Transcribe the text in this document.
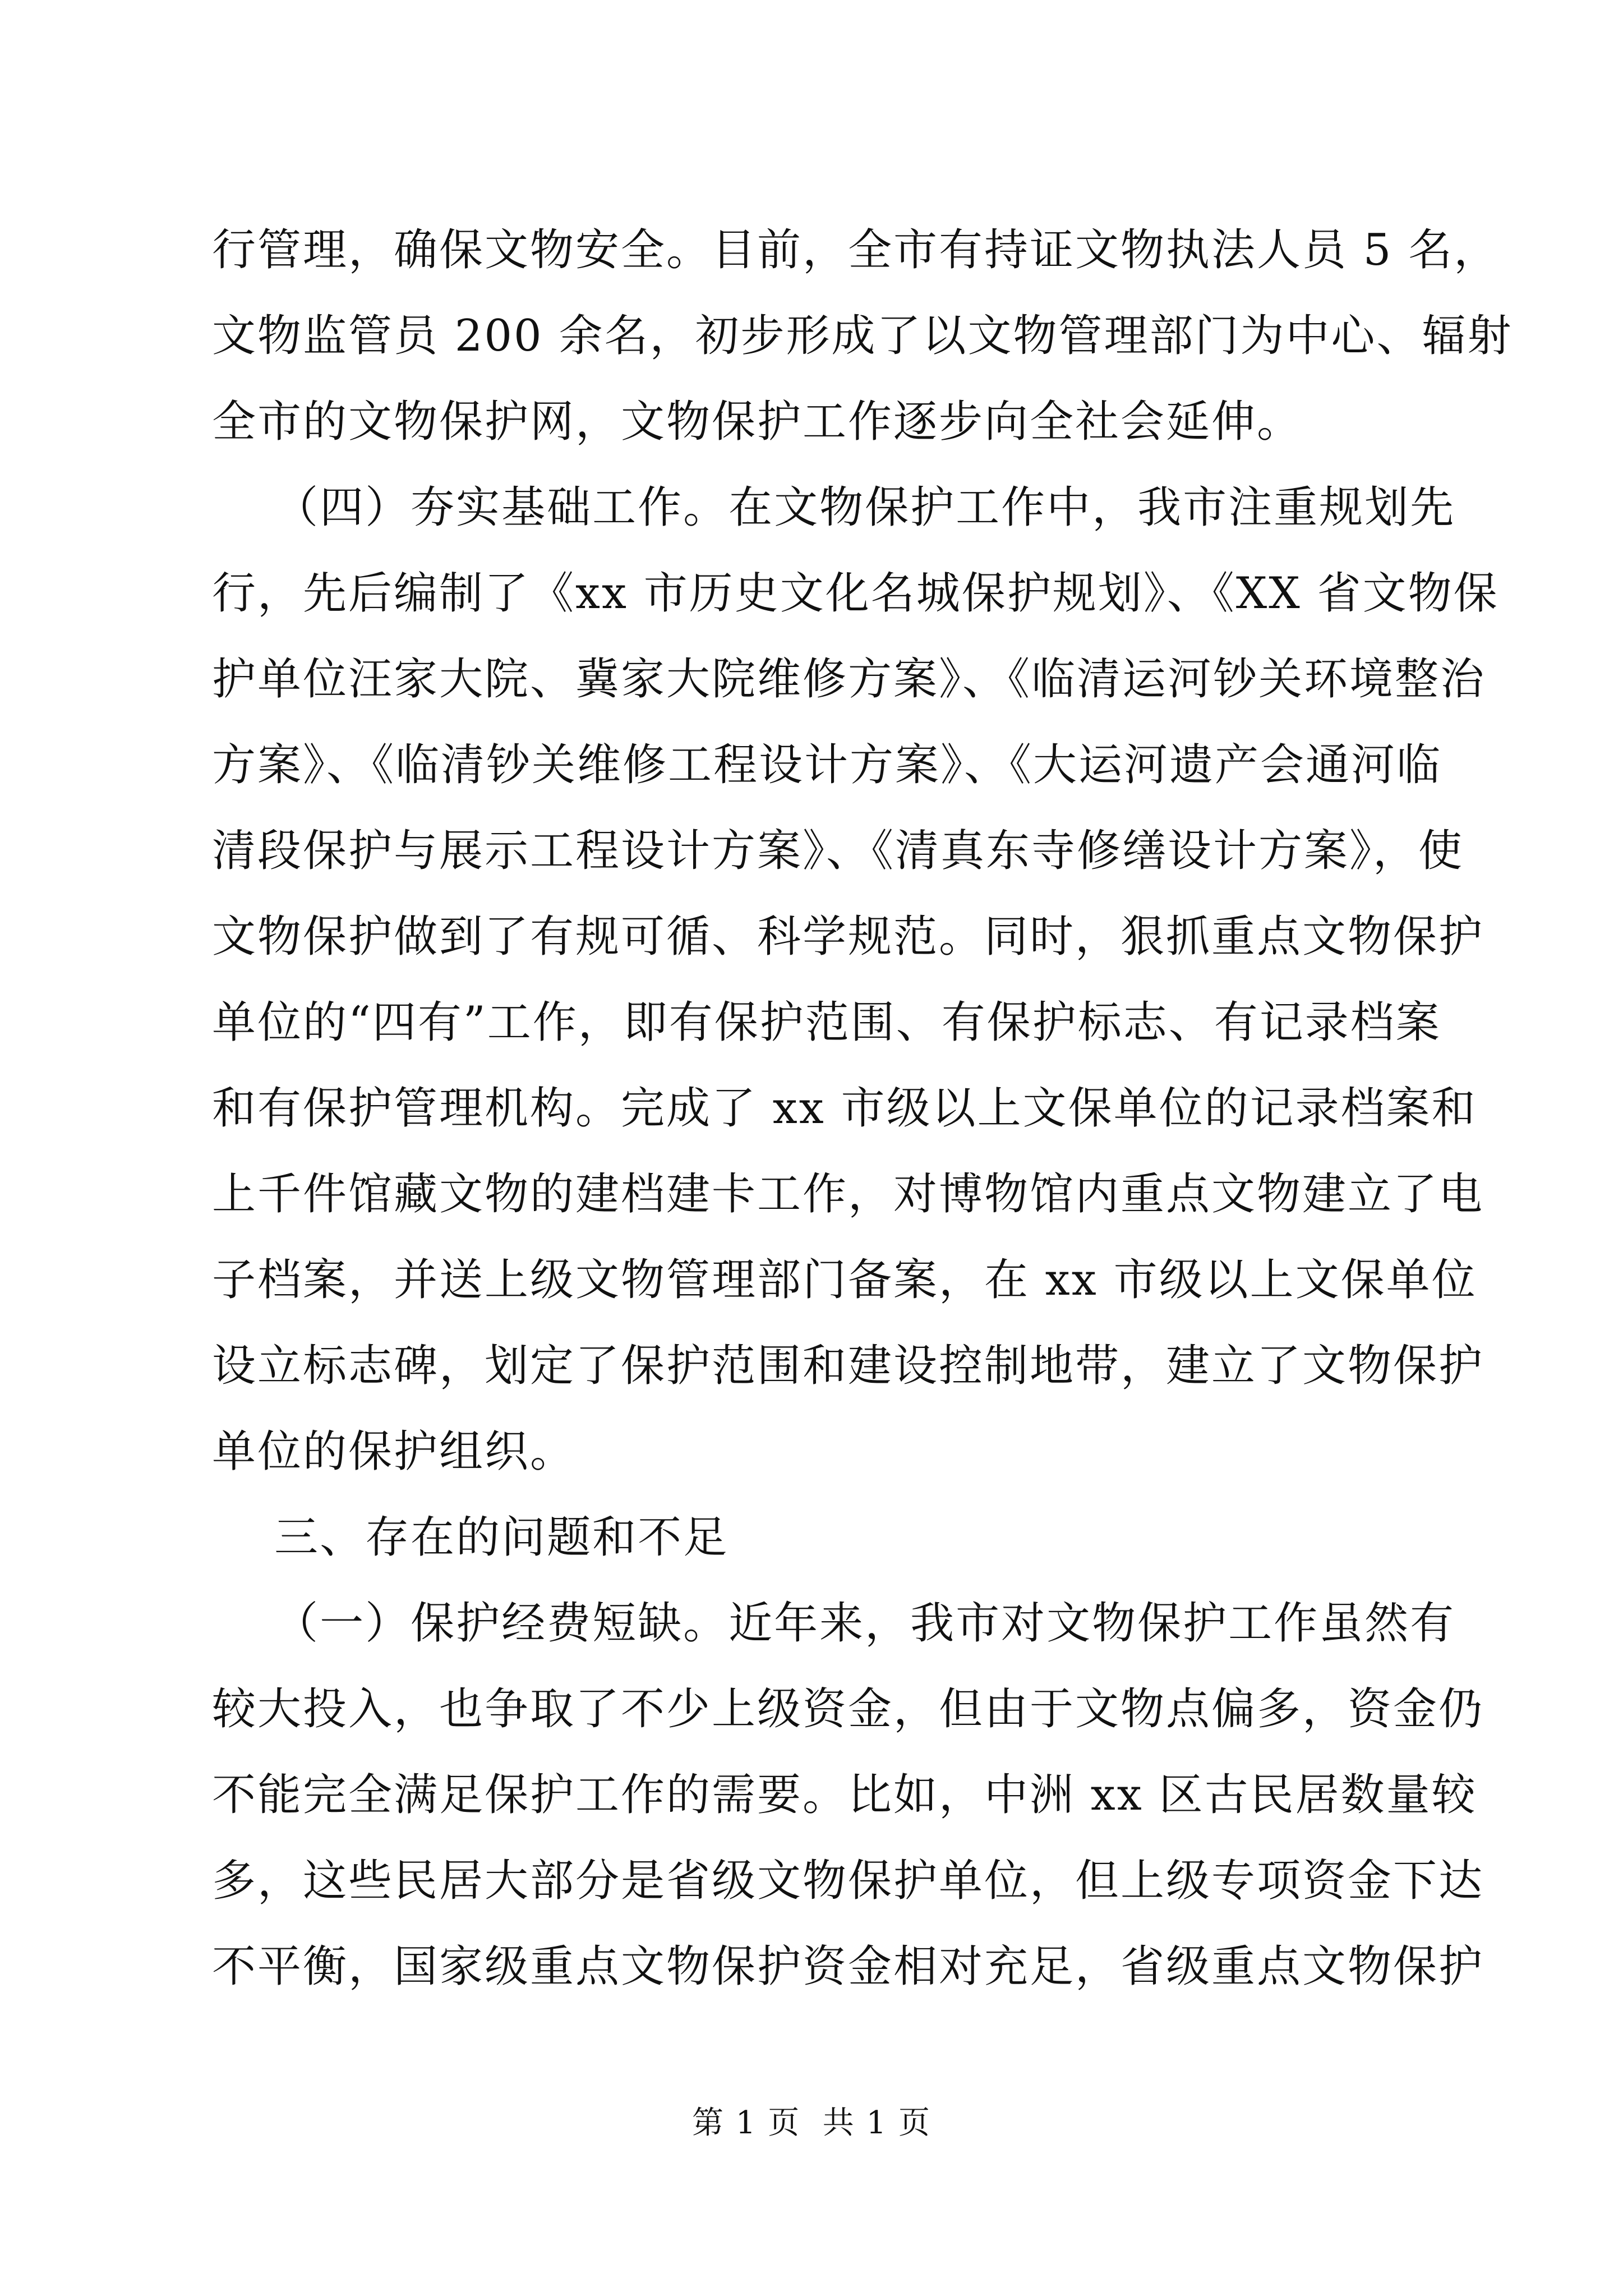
行管理，确保文物安全。目前，全市有持证文物执法人员 5 名，
文物监管员 200 余名，初步形成了以文物管理部门为中心、辐射
全市的文物保护网，文物保护工作逐步向全社会延伸。
（四）夯实基础工作。在文物保护工作中，我市注重规划先
行，先后编制了《xx 市历史文化名城保护规划》、《XX 省文物保
护单位汪家大院、冀家大院维修方案》、《临清运河钞关环境整治
方案》、《临清钞关维修工程设计方案》、《大运河遗产会通河临
清段保护与展示工程设计方案》、《清真东寺修缮设计方案》，使
文物保护做到了有规可循、科学规范。同时，狠抓重点文物保护
单位的“四有”工作，即有保护范围、有保护标志、有记录档案
和有保护管理机构。完成了 xx 市级以上文保单位的记录档案和
上千件馆藏文物的建档建卡工作，对博物馆内重点文物建立了电
子档案，并送上级文物管理部门备案，在 xx 市级以上文保单位
设立标志碑，划定了保护范围和建设控制地带，建立了文物保护
单位的保护组织。
三、存在的问题和不足
（一）保护经费短缺。近年来，我市对文物保护工作虽然有
较大投入，也争取了不少上级资金，但由于文物点偏多，资金仍
不能完全满足保护工作的需要。比如，中洲 xx 区古民居数量较
多，这些民居大部分是省级文物保护单位，但上级专项资金下达
不平衡，国家级重点文物保护资金相对充足，省级重点文物保护
第 1 页  共 1 页
